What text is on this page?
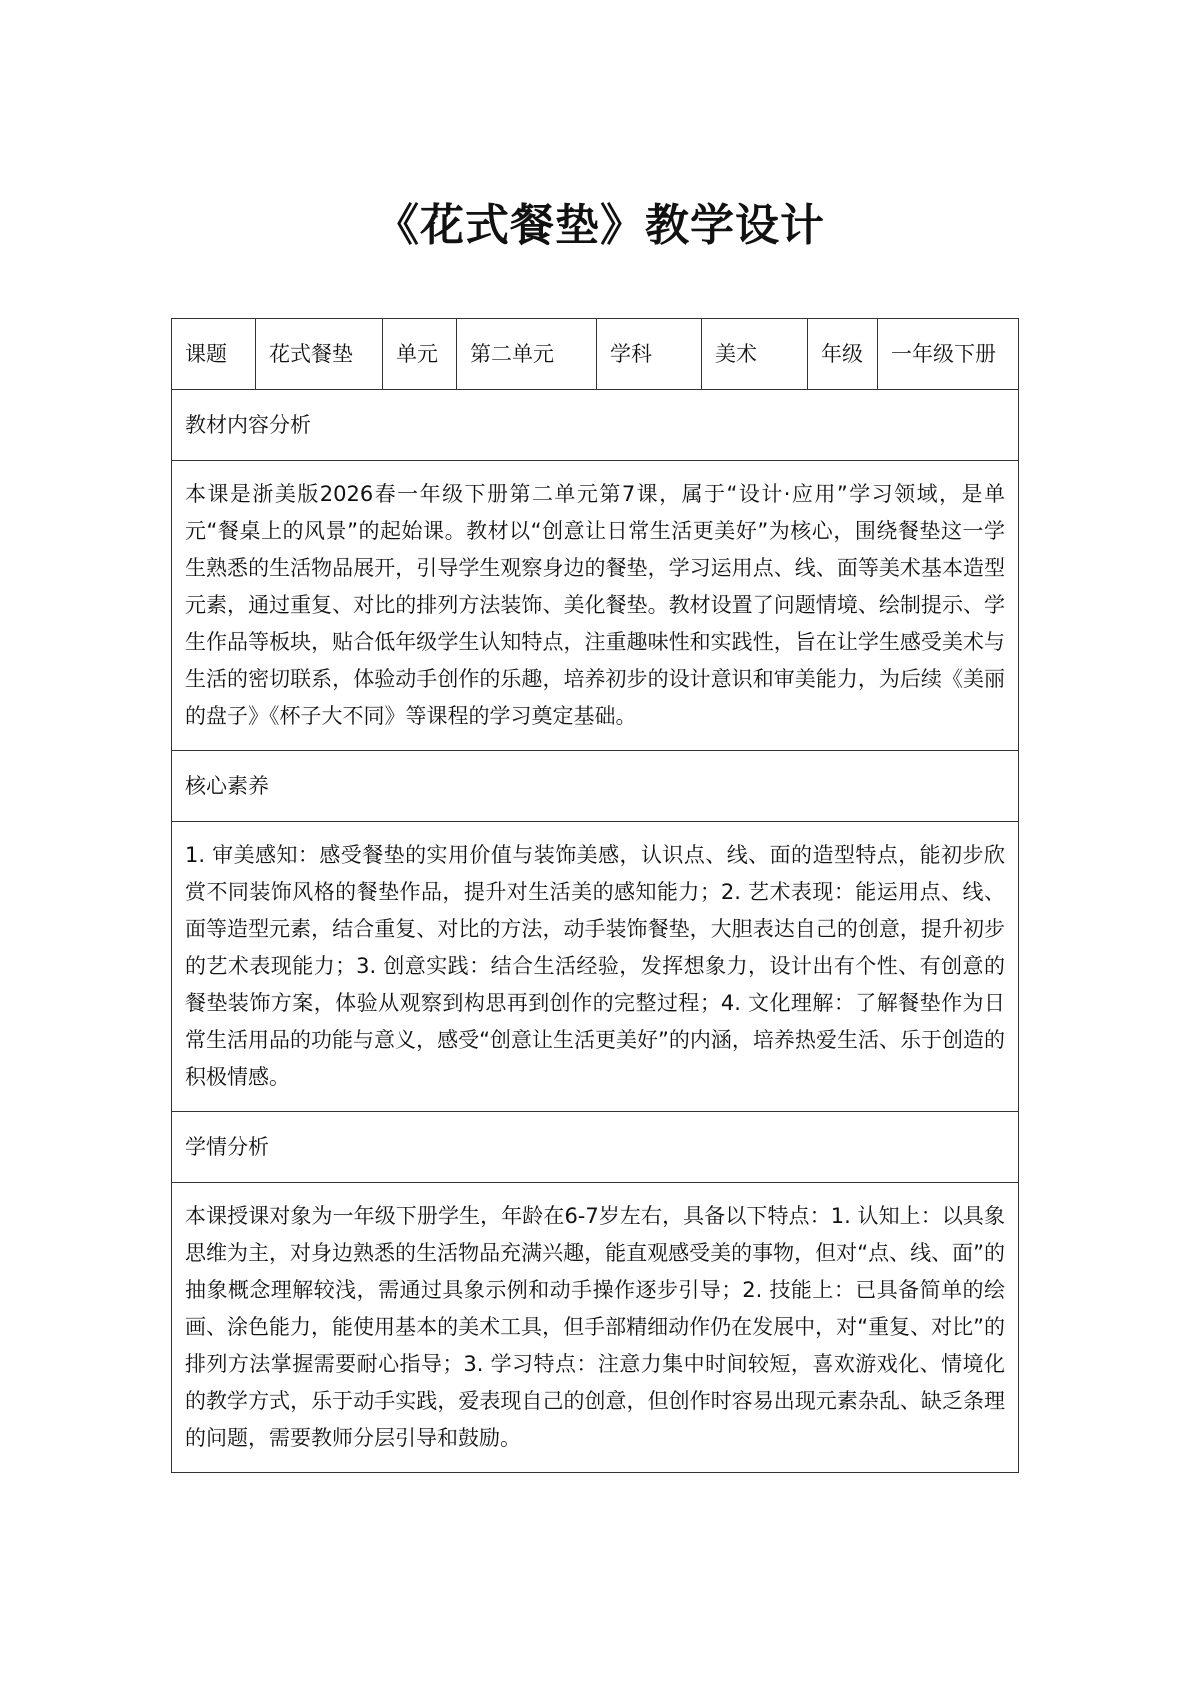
《花式餐垫》教学设计
课题	花式餐垫	单元	第二单元	学科	美术	年级	一年级下册
教材内容分析
本课是浙美版2026春一年级下册第二单元第7课，属于“设计·应用”学习领域，是单元“餐桌上的风景”的起始课。教材以“创意让日常生活更美好”为核心，围绕餐垫这一学生熟悉的生活物品展开，引导学生观察身边的餐垫，学习运用点、线、面等美术基本造型元素，通过重复、对比的排列方法装饰、美化餐垫。教材设置了问题情境、绘制提示、学生作品等板块，贴合低年级学生认知特点，注重趣味性和实践性，旨在让学生感受美术与生活的密切联系，体验动手创作的乐趣，培养初步的设计意识和审美能力，为后续《美丽的盘子》《杯子大不同》等课程的学习奠定基础。
核心素养
1. 审美感知：感受餐垫的实用价值与装饰美感，认识点、线、面的造型特点，能初步欣赏不同装饰风格的餐垫作品，提升对生活美的感知能力；2. 艺术表现：能运用点、线、面等造型元素，结合重复、对比的方法，动手装饰餐垫，大胆表达自己的创意，提升初步的艺术表现能力；3. 创意实践：结合生活经验，发挥想象力，设计出有个性、有创意的餐垫装饰方案，体验从观察到构思再到创作的完整过程；4. 文化理解：了解餐垫作为日常生活用品的功能与意义，感受“创意让生活更美好”的内涵，培养热爱生活、乐于创造的积极情感。
学情分析
本课授课对象为一年级下册学生，年龄在6-7岁左右，具备以下特点：1. 认知上：以具象思维为主，对身边熟悉的生活物品充满兴趣，能直观感受美的事物，但对“点、线、面”的抽象概念理解较浅，需通过具象示例和动手操作逐步引导；2. 技能上：已具备简单的绘画、涂色能力，能使用基本的美术工具，但手部精细动作仍在发展中，对“重复、对比”的排列方法掌握需要耐心指导；3. 学习特点：注意力集中时间较短，喜欢游戏化、情境化的教学方式，乐于动手实践，爱表现自己的创意，但创作时容易出现元素杂乱、缺乏条理的问题，需要教师分层引导和鼓励。
